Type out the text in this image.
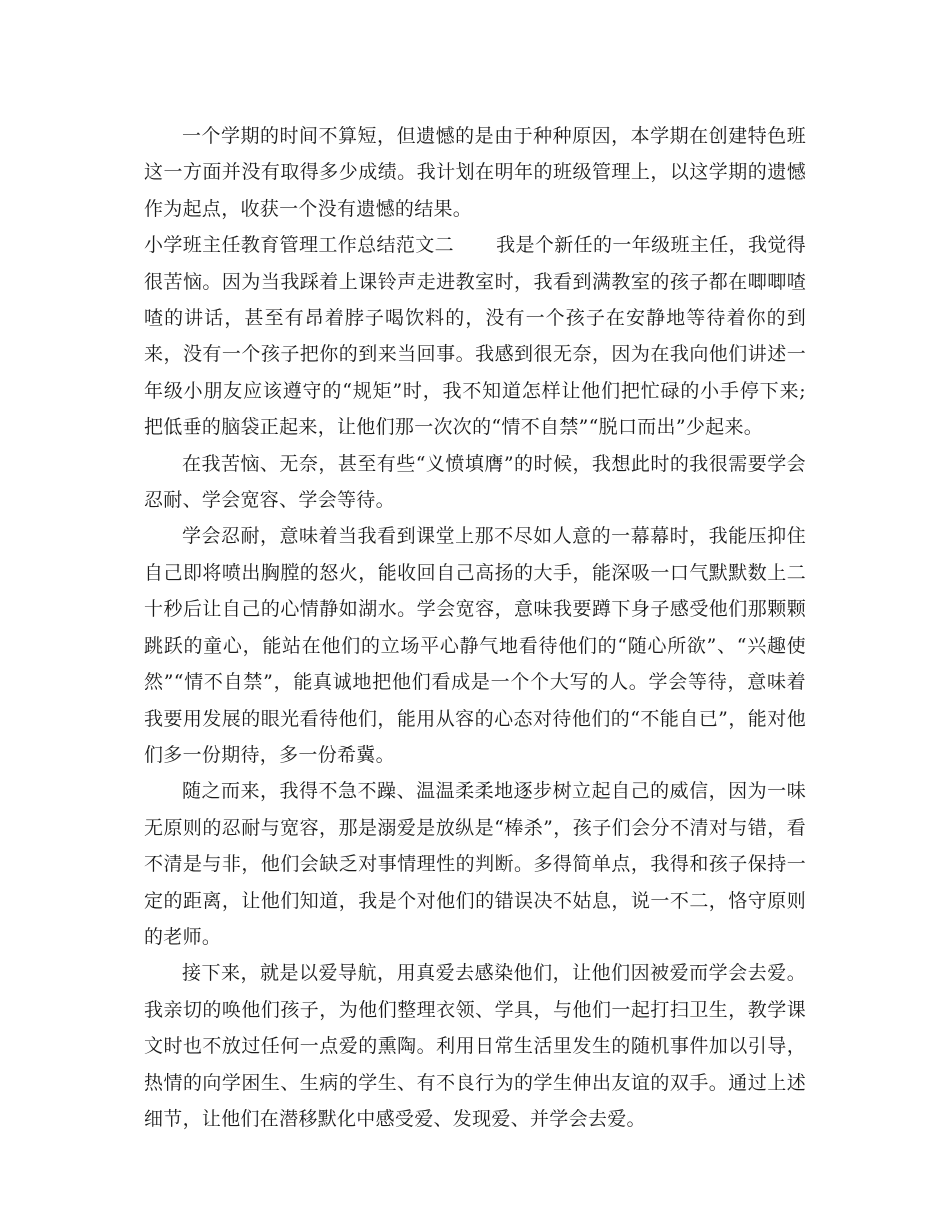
一个学期的时间不算短，但遗憾的是由于种种原因，本学期在创建特色班这一方面并没有取得多少成绩。我计划在明年的班级管理上，以这学期的遗憾作为起点，收获一个没有遗憾的结果。

小学班主任教育管理工作总结范文二 我是个新任的一年级班主任，我觉得很苦恼。因为当我踩着上课铃声走进教室时，我看到满教室的孩子都在唧唧喳喳的讲话，甚至有昂着脖子喝饮料的，没有一个孩子在安静地等待着你的到来，没有一个孩子把你的到来当回事。我感到很无奈，因为在我向他们讲述一年级小朋友应该遵守的“规矩”时，我不知道怎样让他们把忙碌的小手停下来;把低垂的脑袋正起来，让他们那一次次的“情不自禁”“脱口而出”少起来。

在我苦恼、无奈，甚至有些“义愤填膺”的时候，我想此时的我很需要学会忍耐、学会宽容、学会等待。

学会忍耐，意味着当我看到课堂上那不尽如人意的一幕幕时，我能压抑住自己即将喷出胸膛的怒火，能收回自己高扬的大手，能深吸一口气默默数上二十秒后让自己的心情静如湖水。学会宽容，意味我要蹲下身子感受他们那颗颗跳跃的童心，能站在他们的立场平心静气地看待他们的“随心所欲”、“兴趣使然”“情不自禁”，能真诚地把他们看成是一个个大写的人。学会等待，意味着我要用发展的眼光看待他们，能用从容的心态对待他们的“不能自已”，能对他们多一份期待，多一份希冀。

随之而来，我得不急不躁、温温柔柔地逐步树立起自己的威信，因为一味无原则的忍耐与宽容，那是溺爱是放纵是“棒杀”，孩子们会分不清对与错，看不清是与非，他们会缺乏对事情理性的判断。多得简单点，我得和孩子保持一定的距离，让他们知道，我是个对他们的错误决不姑息，说一不二，恪守原则的老师。

接下来，就是以爱导航，用真爱去感染他们，让他们因被爱而学会去爱。我亲切的唤他们孩子，为他们整理衣领、学具，与他们一起打扫卫生，教学课文时也不放过任何一点爱的熏陶。利用日常生活里发生的随机事件加以引导，热情的向学困生、生病的学生、有不良行为的学生伸出友谊的双手。通过上述细节，让他们在潜移默化中感受爱、发现爱、并学会去爱。
